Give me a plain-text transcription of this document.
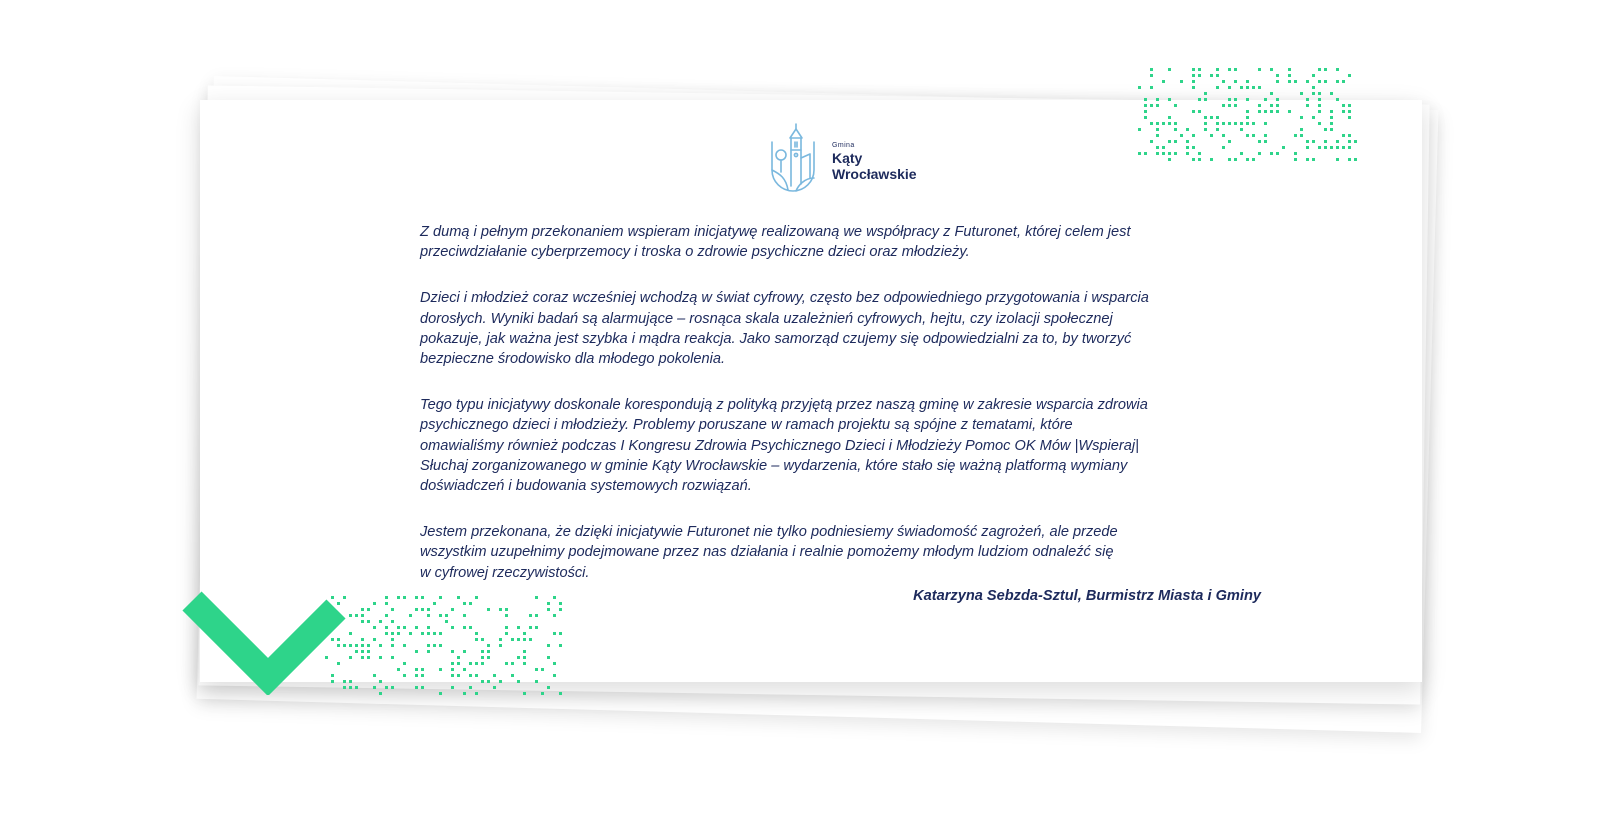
Gmina
Kąty
Wrocławskie

Z dumą i pełnym przekonaniem wspieram inicjatywę realizowaną we współpracy z Futuronet, której celem jest
przeciwdziałanie cyberprzemocy i troska o zdrowie psychiczne dzieci oraz młodzieży.

Dzieci i młodzież coraz wcześniej wchodzą w świat cyfrowy, często bez odpowiedniego przygotowania i wsparcia
dorosłych. Wyniki badań są alarmujące – rosnąca skala uzależnień cyfrowych, hejtu, czy izolacji społecznej
pokazuje, jak ważna jest szybka i mądra reakcja. Jako samorząd czujemy się odpowiedzialni za to, by tworzyć
bezpieczne środowisko dla młodego pokolenia.

Tego typu inicjatywy doskonale korespondują z polityką przyjętą przez naszą gminę w zakresie wsparcia zdrowia
psychicznego dzieci i młodzieży. Problemy poruszane w ramach projektu są spójne z tematami, które
omawialiśmy również podczas I Kongresu Zdrowia Psychicznego Dzieci i Młodzieży Pomoc OK Mów |Wspieraj|
Słuchaj zorganizowanego w gminie Kąty Wrocławskie – wydarzenia, które stało się ważną platformą wymiany
doświadczeń i budowania systemowych rozwiązań.

Jestem przekonana, że dzięki inicjatywie Futuronet nie tylko podniesiemy świadomość zagrożeń, ale przede
wszystkim uzupełnimy podejmowane przez nas działania i realnie pomożemy młodym ludziom odnaleźć się
w cyfrowej rzeczywistości.

Katarzyna Sebzda-Sztul, Burmistrz Miasta i Gminy
